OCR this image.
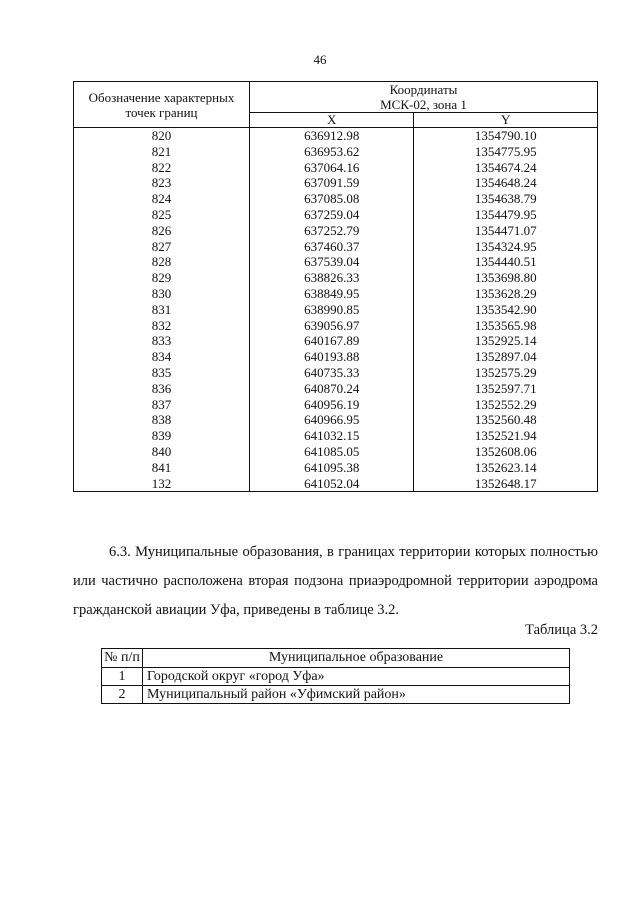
46
Обозначение характерных точек границ	Координаты	
	МСК-02, зона 1	
	X	Y
820	636912.98	1354790.10
821	636953.62	1354775.95
822	637064.16	1354674.24
823	637091.59	1354648.24
824	637085.08	1354638.79
825	637259.04	1354479.95
826	637252.79	1354471.07
827	637460.37	1354324.95
828	637539.04	1354440.51
829	638826.33	1353698.80
830	638849.95	1353628.29
831	638990.85	1353542.90
832	639056.97	1353565.98
833	640167.89	1352925.14
834	640193.88	1352897.04
835	640735.33	1352575.29
836	640870.24	1352597.71
837	640956.19	1352552.29
838	640966.95	1352560.48
839	641032.15	1352521.94
840	641085.05	1352608.06
841	641095.38	1352623.14
132	641052.04	1352648.17

6.3. Муниципальные образования, в границах территории которых полностью или частично расположена вторая подзона приаэродромной территории аэродрома гражданской авиации Уфа, приведены в таблице 3.2.

Таблица 3.2
№ п/п	Муниципальное образование
1	Городской округ «город Уфа»
2	Муниципальный район «Уфимский район»
